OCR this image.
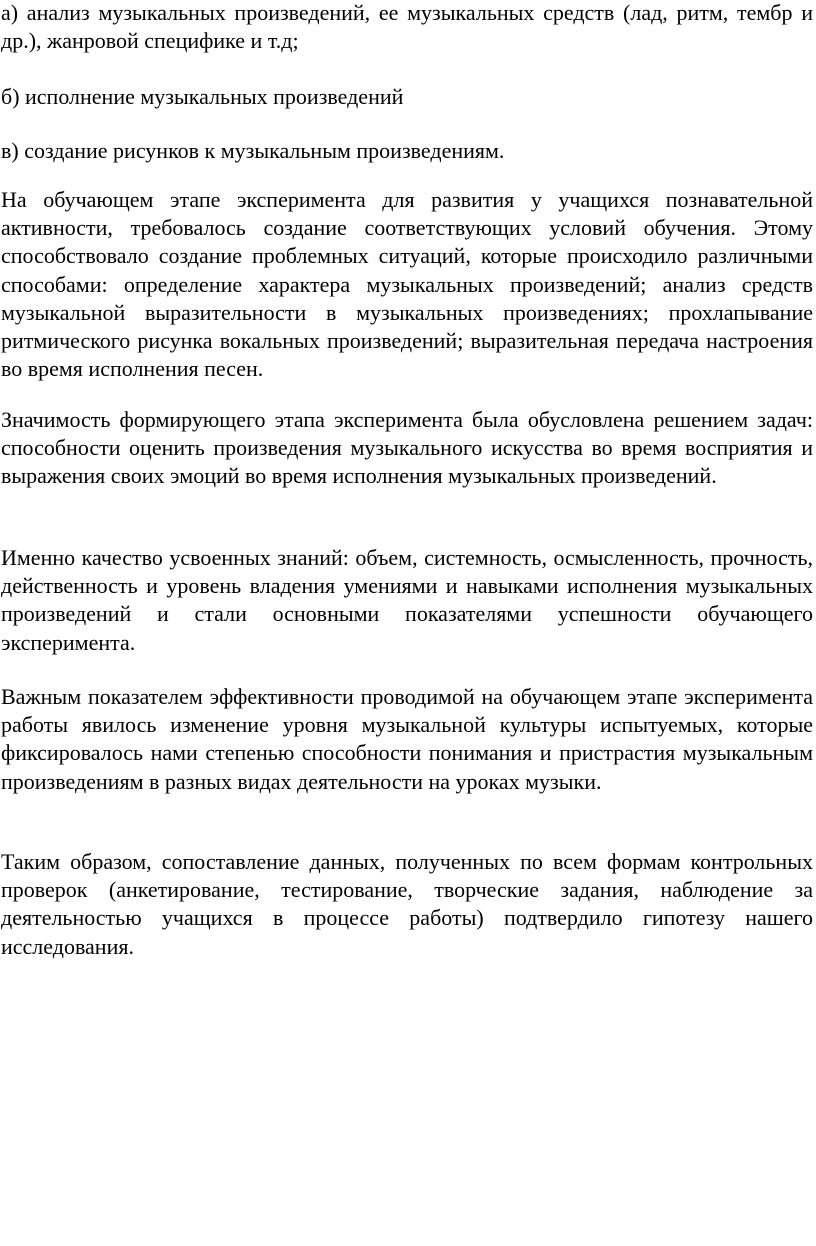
а) анализ музыкальных произведений, ее музыкальных средств (лад, ритм, тембр и др.), жанровой специфике и т.д;

б) исполнение музыкальных произведений

в) создание рисунков к музыкальным произведениям.

На обучающем этапе эксперимента для развития у учащихся познавательной активности, требовалось создание соответствующих условий обучения. Этому способствовало создание проблемных ситуаций, которые происходило различными способами: определение характера музыкальных произведений; анализ средств музыкальной выразительности в музыкальных произведениях; прохлапывание ритмического рисунка вокальных произведений; выразительная передача настроения во время исполнения песен.

Значимость формирующего этапа эксперимента была обусловлена решением задач: способности оценить произведения музыкального искусства во время восприятия и выражения своих эмоций во время исполнения музыкальных произведений.

Именно качество усвоенных знаний: объем, системность, осмысленность, прочность, действенность и уровень владения умениями и навыками исполнения музыкальных произведений и стали основными показателями успешности обучающего эксперимента.

Важным показателем эффективности проводимой на обучающем этапе эксперимента работы явилось изменение уровня музыкальной культуры испытуемых, которые фиксировалось нами степенью способности понимания и пристрастия музыкальным произведениям в разных видах деятельности на уроках музыки.

Таким образом, сопоставление данных, полученных по всем формам контрольных проверок (анкетирование, тестирование, творческие задания, наблюдение за деятельностью учащихся в процессе работы) подтвердило гипотезу нашего исследования.
